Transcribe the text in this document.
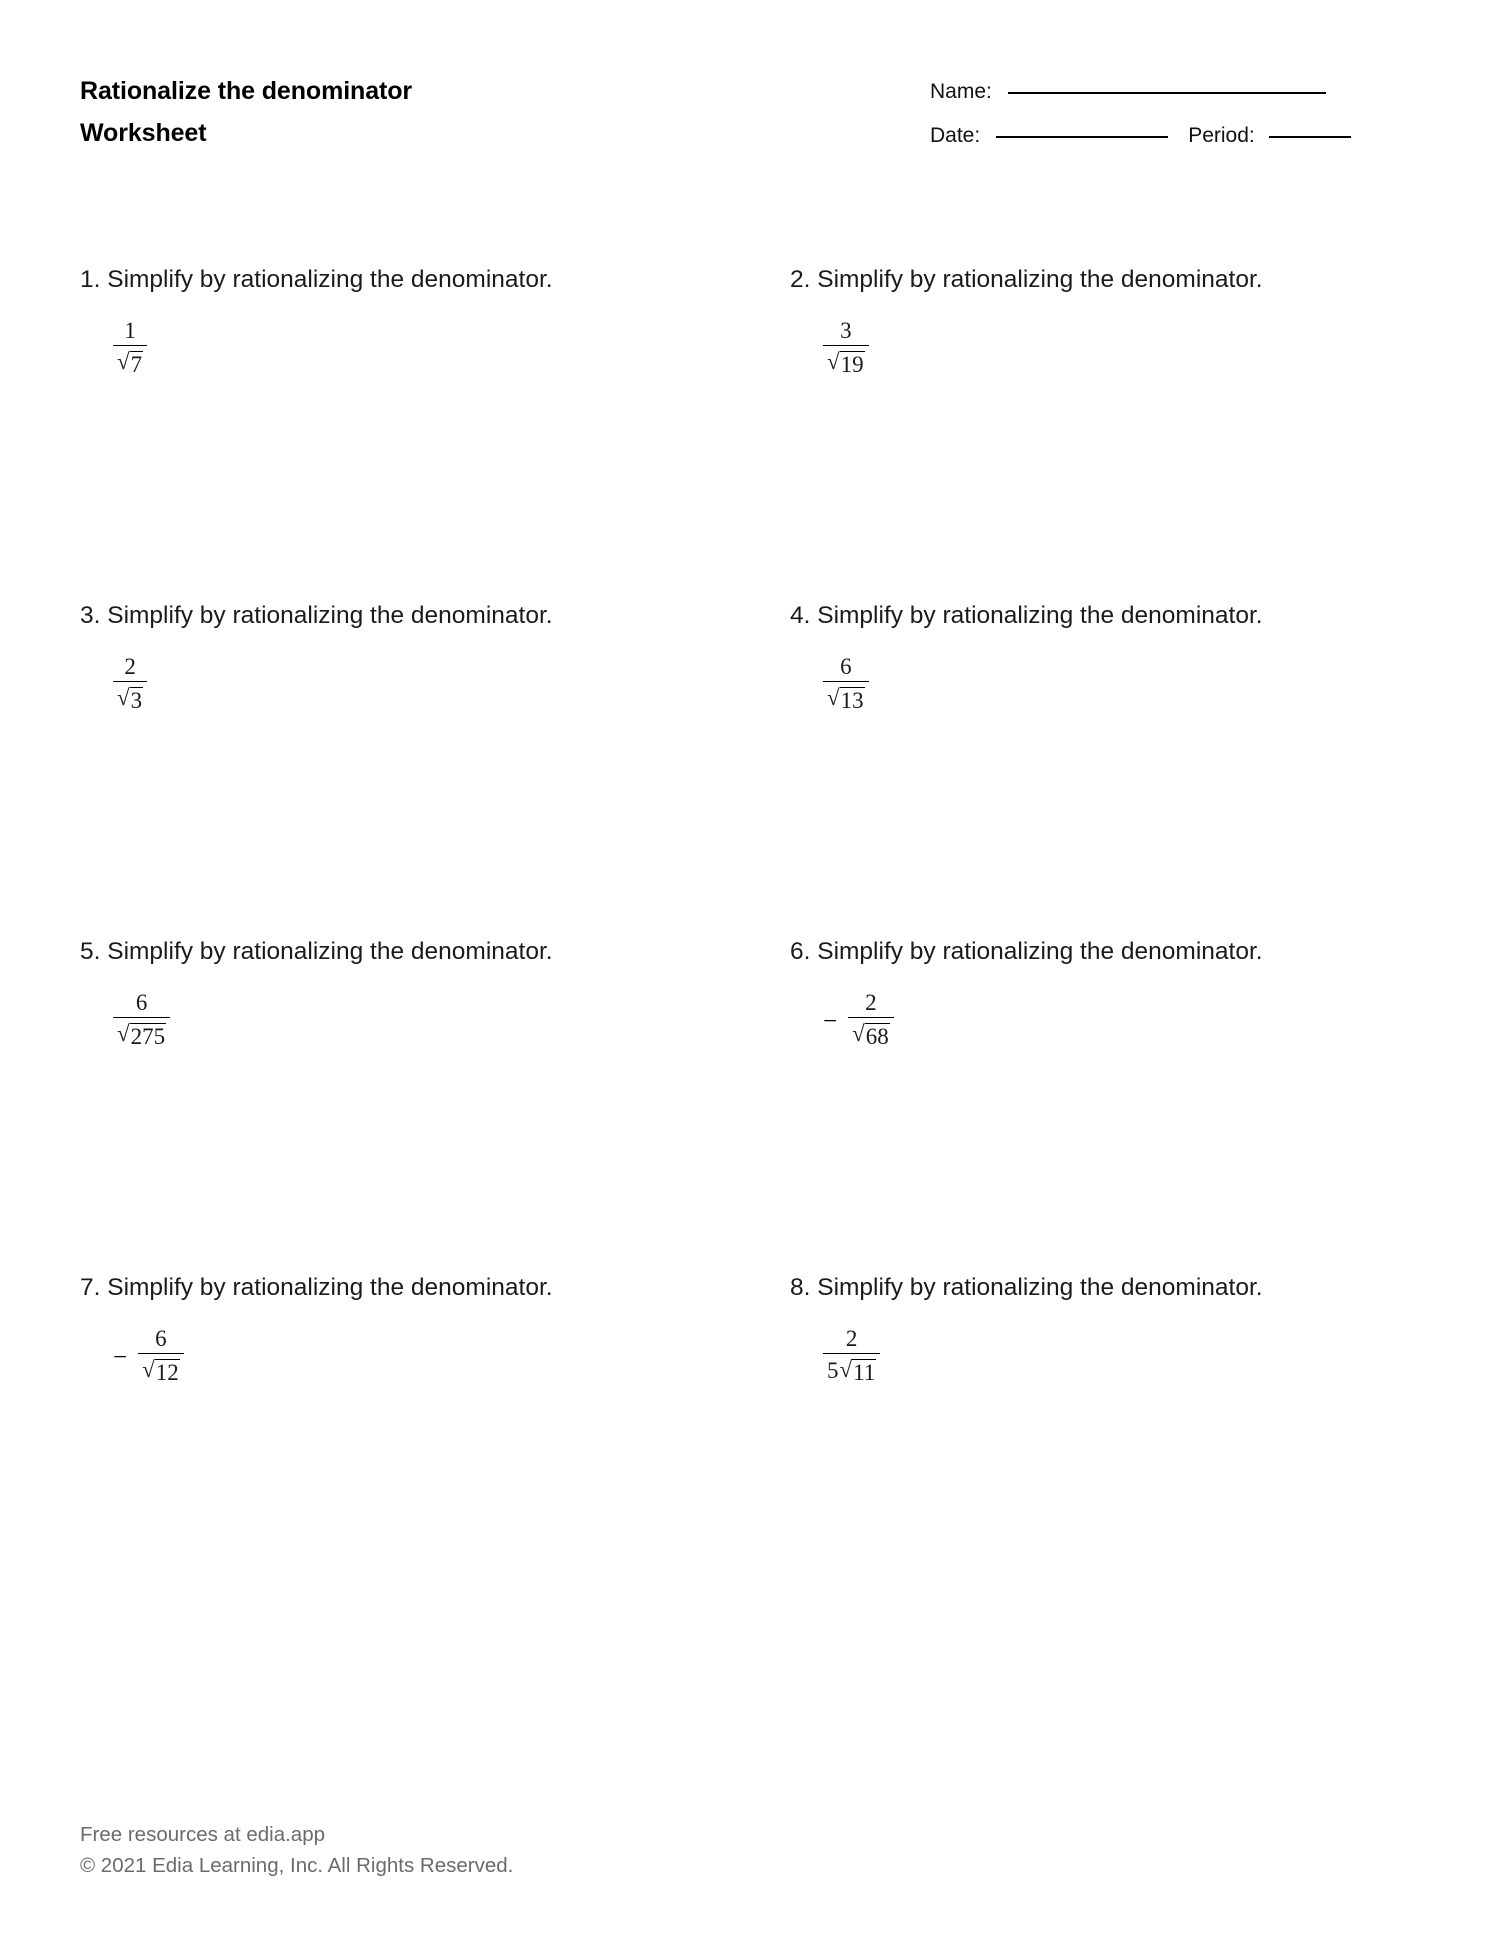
Rationalize the denominator
Worksheet
Name:
Date:	Period:
1. Simplify by rationalizing the denominator.
$\frac{1}{√ 7}$
2. Simplify by rationalizing the denominator.
$\frac{3}{√ 19}$
3. Simplify by rationalizing the denominator.
$\frac{2}{√ 3}$
4. Simplify by rationalizing the denominator.
$\frac{6}{√ 13}$
5. Simplify by rationalizing the denominator.
$\frac{6}{√ 275}$
6. Simplify by rationalizing the denominator.
− $\frac{2}{√ 68}$
7. Simplify by rationalizing the denominator.
− $\frac{6}{√ 12}$
8. Simplify by rationalizing the denominator.
$\frac{2}{5 √ 11}$
Free resources at edia.app
© 2021 Edia Learning, Inc. All Rights Reserved.
